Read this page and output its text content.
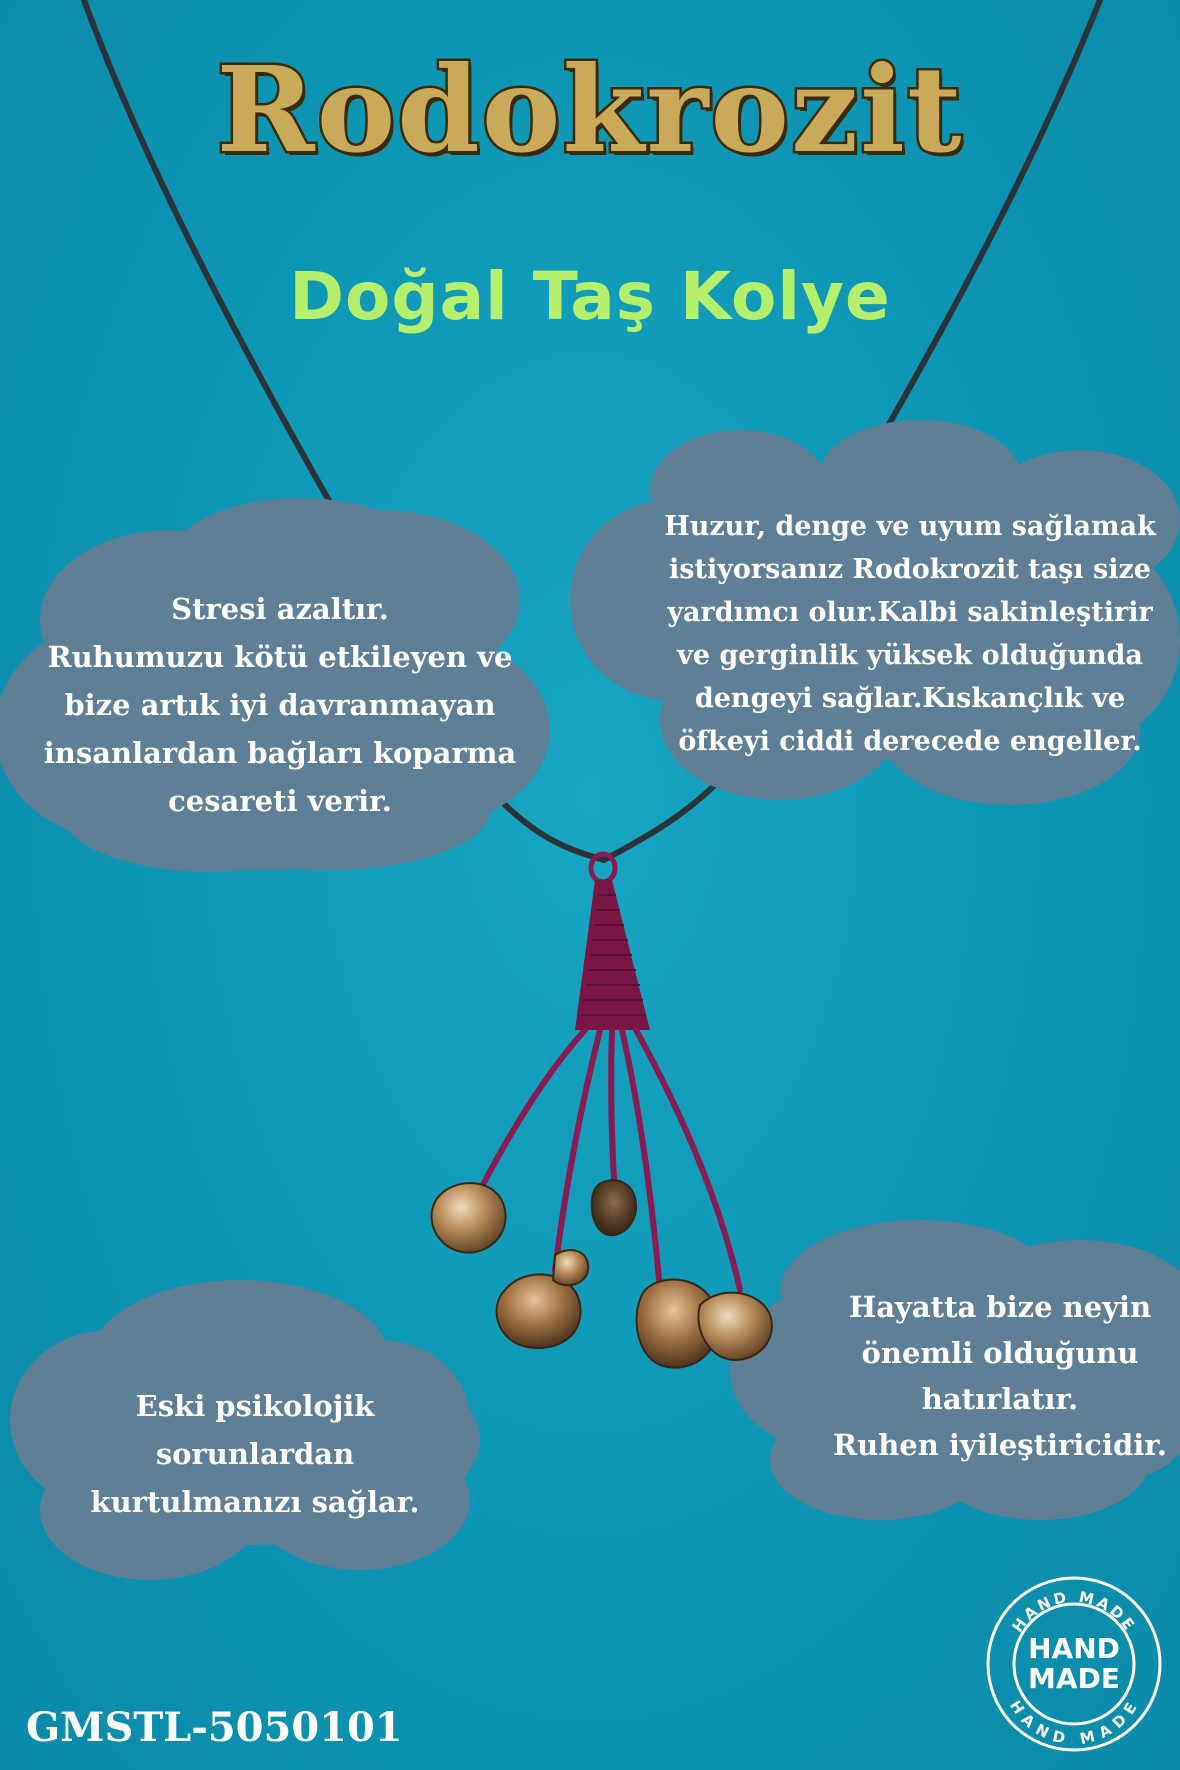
Rodokrozit
Doğal Taş Kolye
Stresi azaltır.
Ruhumuzu kötü etkileyen ve
bize artık iyi davranmayan
insanlardan bağları koparma
cesareti verir.
Huzur, denge ve uyum sağlamak
istiyorsanız Rodokrozit taşı size
yardımcı olur.Kalbi sakinleştirir
ve gerginlik yüksek olduğunda
dengeyi sağlar.Kıskançlık ve
öfkeyi ciddi derecede engeller.
Eski psikolojik
sorunlardan
kurtulmanızı sağlar.
Hayatta bize neyin
önemli olduğunu
hatırlatır.
Ruhen iyileştiricidir.
GMSTL-5050101
HAND MADE
HAND MADE
HAND
MADE
